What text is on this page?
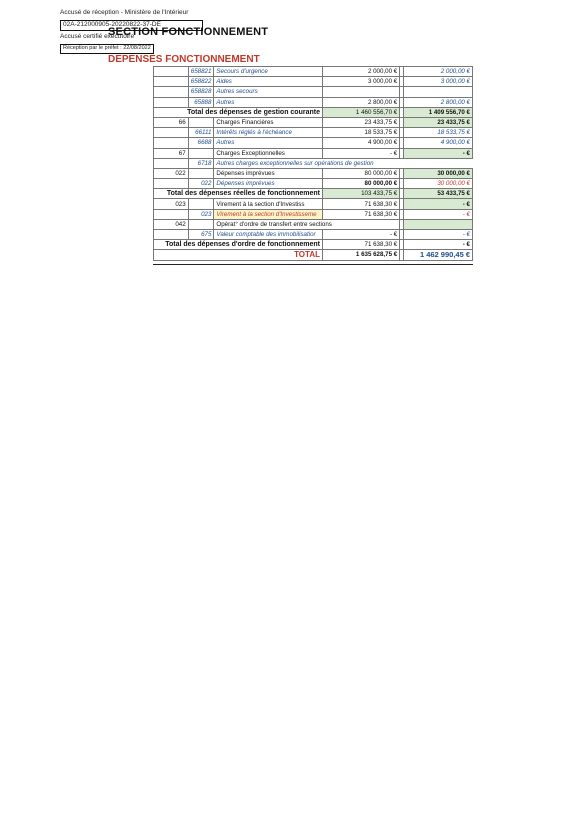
Accusé de réception - Ministère de l'Intérieur
02A-212000905-20220822-37-DE
Accusé certifié exécutoire
Réception par le préfet : 22/08/2022
SECTION FONCTIONNEMENT
DEPENSES FONCTIONNEMENT
	658821	Secours d'urgence	2 000,00 €		2 000,00 €
	658822	Aides	3 000,00 €		3 000,00 €
	658828	Autres secours			
	65888	Autres	2 800,00 €		2 800,00 €
Total des dépenses de gestion courante			1 460 556,70 €		1 409 556,70 €
66		Charges Financières	23 433,75 €		23 433,75 €
	66111	Intérêts réglés à l'échéance	18 533,75 €		18 533,75 €
	6688	Autres	4 900,00 €		4 900,00 €
67		Charges Exceptionnelles	- €		- €
	6718	Autres charges exceptionnelles sur opérations de gestion			
022		Dépenses imprévues	80 000,00 €		30 000,00 €
	022	Dépenses imprévues	80 000,00 €		30 000,00 €
Total des dépenses réelles de fonctionnement			103 433,75 €		53 433,75 €
023		Virement à la section d'Investiss	71 638,30 €		- €
	023	Virement à la section d'Investisseme	71 638,30 €		- €
042		Opérat° d'ordre de transfert entre sections			
	675	Valeur comptable des immobilisatior	- €		- €
Total des dépenses d'ordre de fonctionnement			71 638,30 €		- €
TOTAL			1 635 628,75 €		1 462 990,45 €
